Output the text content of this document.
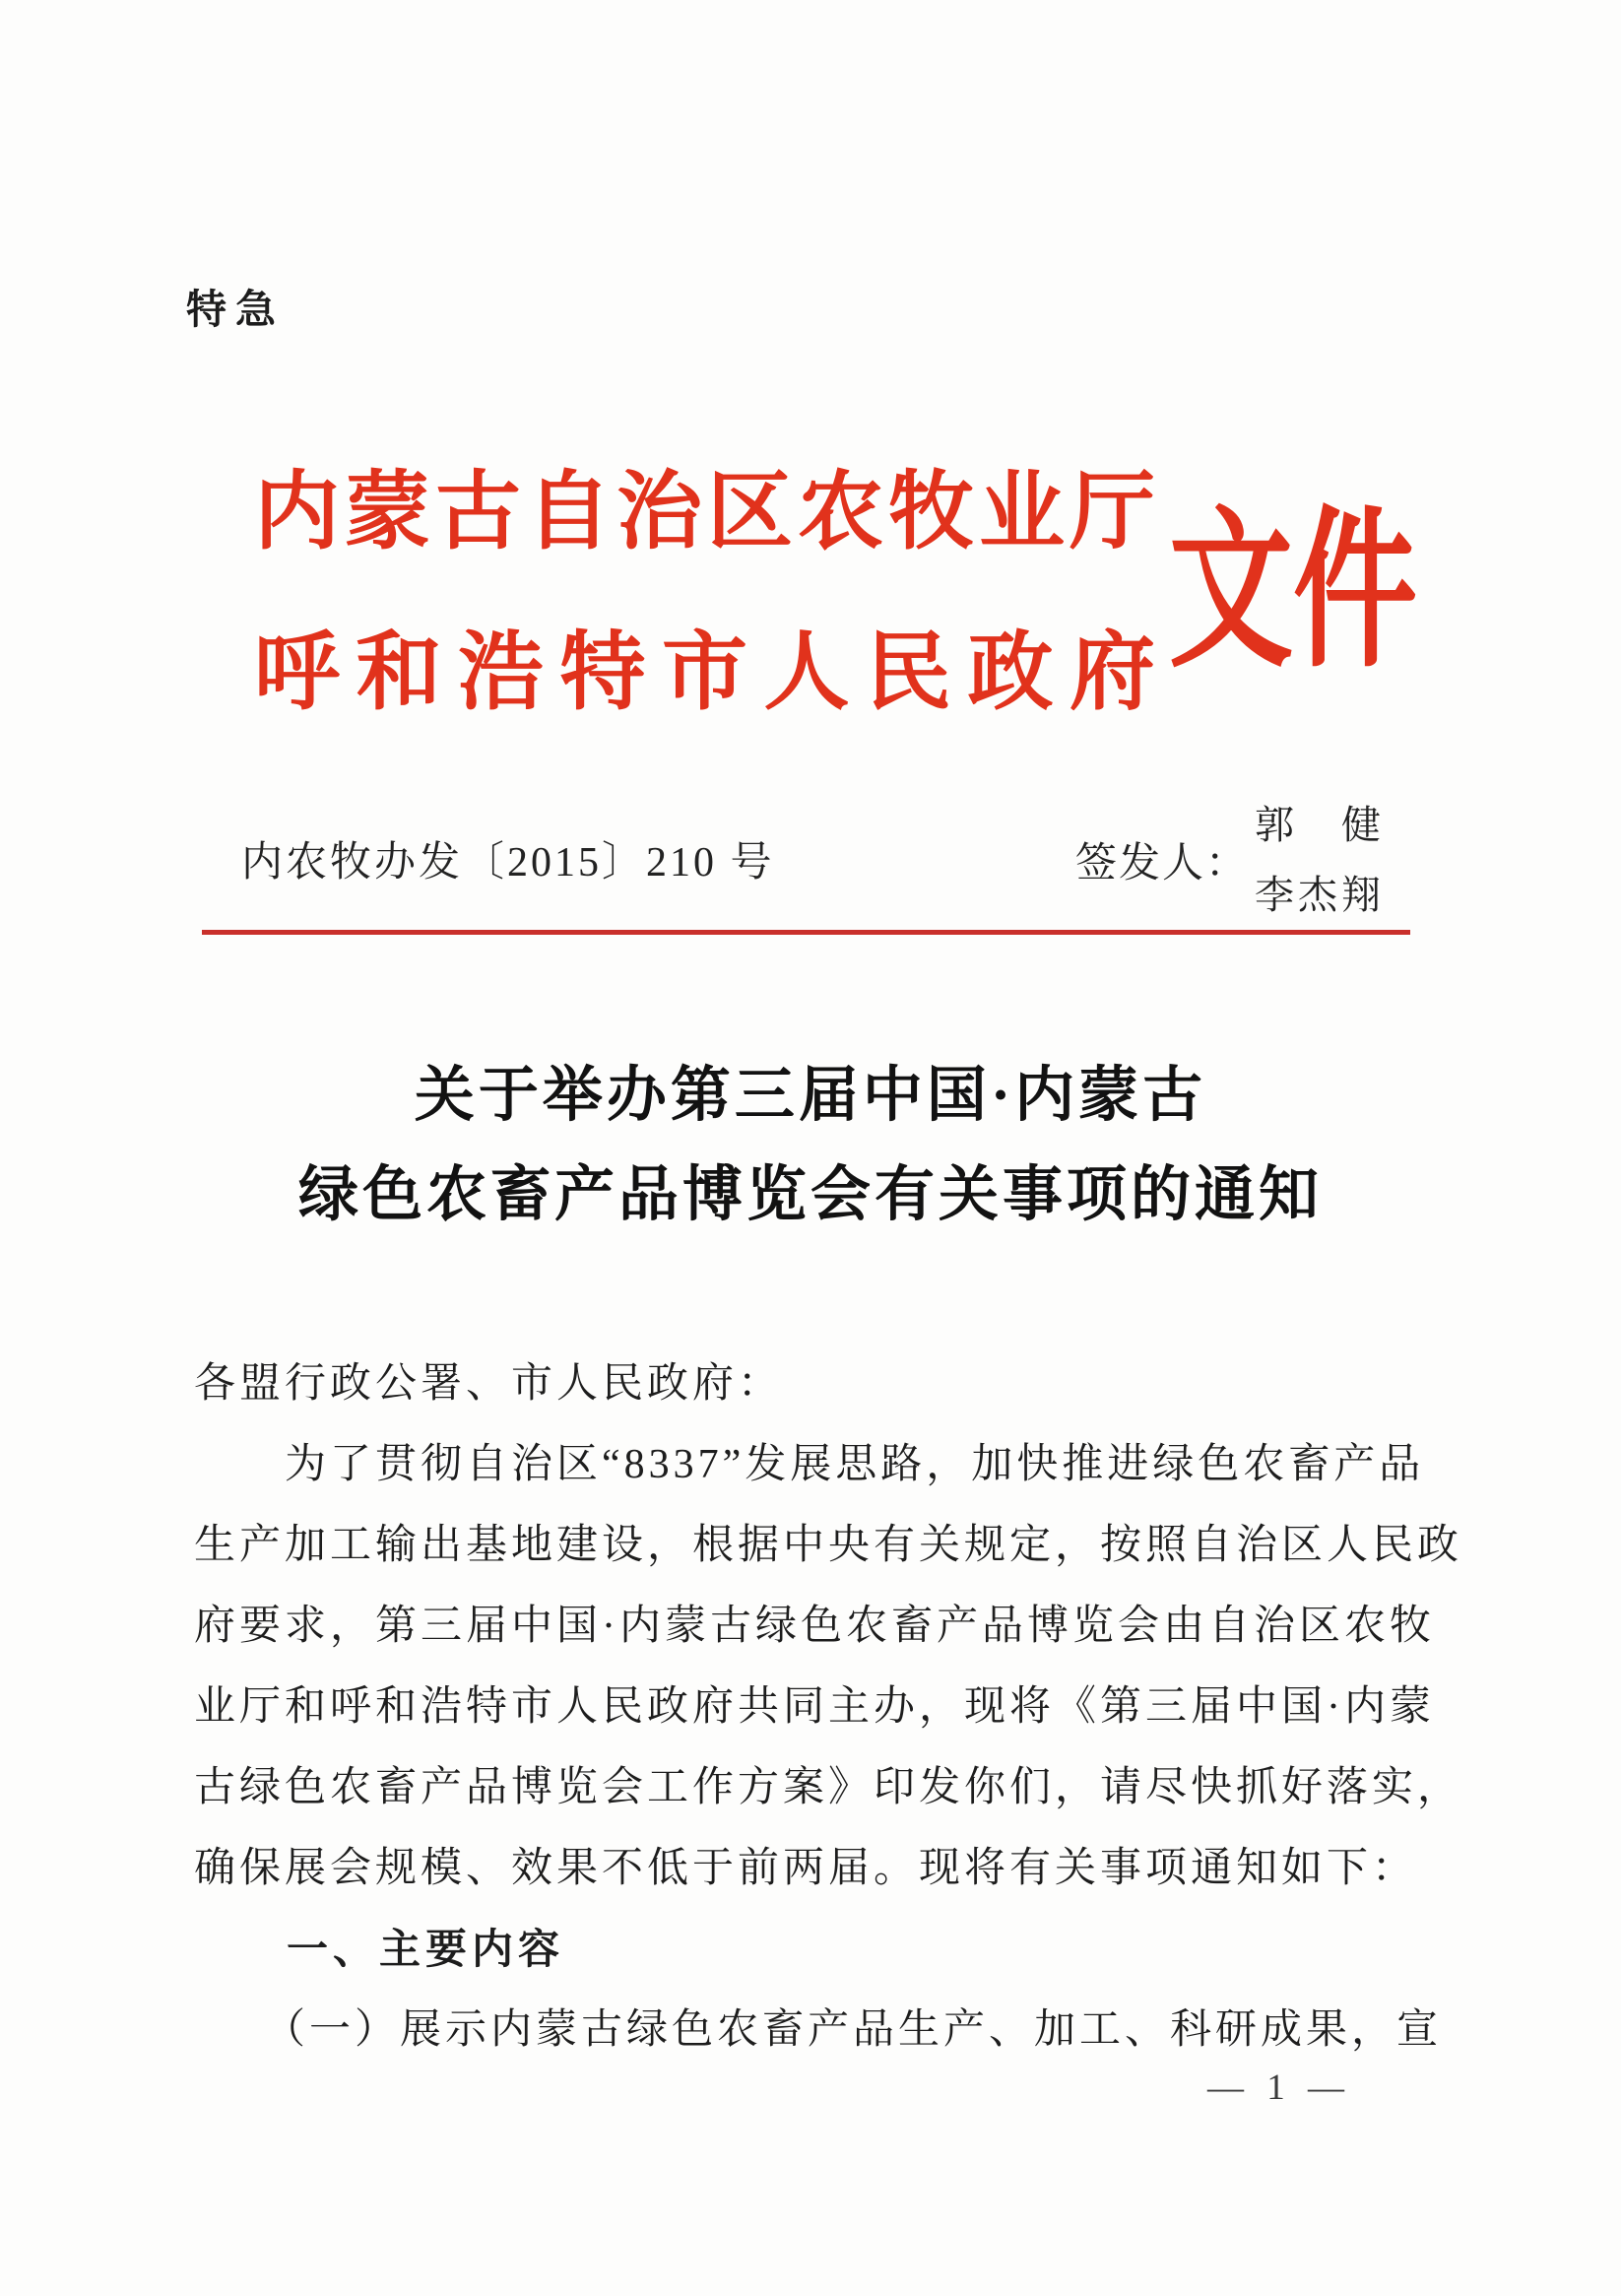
特急
内蒙古自治区农牧业厅
呼和浩特市人民政府 文件
内农牧办发〔2015〕210 号	签发人：
郭　健
李杰翔
关于举办第三届中国·内蒙古
绿色农畜产品博览会有关事项的通知
各盟行政公署、市人民政府：
　　为了贯彻自治区“8337”发展思路，加快推进绿色农畜产品
生产加工输出基地建设，根据中央有关规定，按照自治区人民政
府要求，第三届中国·内蒙古绿色农畜产品博览会由自治区农牧
业厅和呼和浩特市人民政府共同主办，现将《第三届中国·内蒙
古绿色农畜产品博览会工作方案》印发你们，请尽快抓好落实，
确保展会规模、效果不低于前两届。现将有关事项通知如下：
　　一、主要内容
　　（一）展示内蒙古绿色农畜产品生产、加工、科研成果，宣
— 1 —
